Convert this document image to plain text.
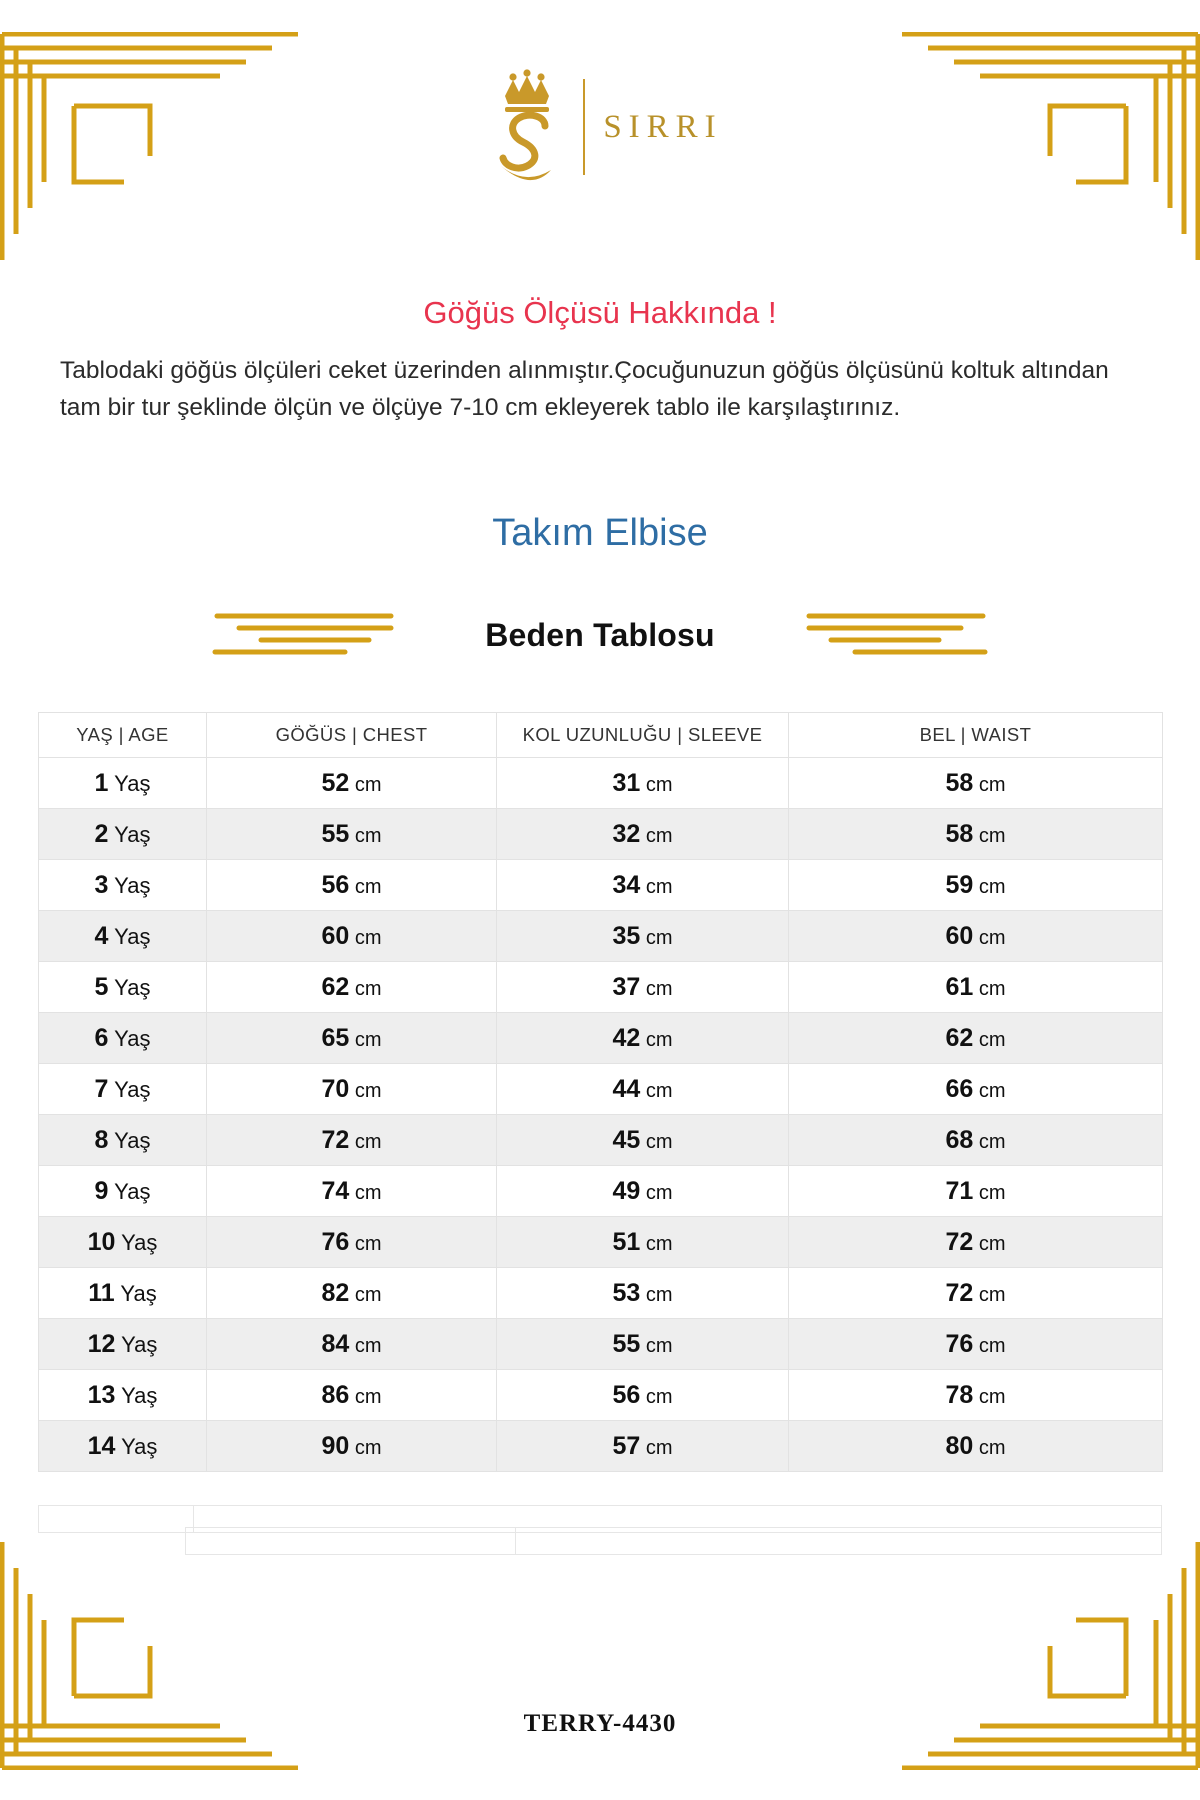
SIRRI
Göğüs Ölçüsü Hakkında !
Tablodaki göğüs ölçüleri ceket üzerinden alınmıştır.Çocuğunuzun göğüs ölçüsünü koltuk altından tam bir tur şeklinde ölçün ve ölçüye 7-10 cm ekleyerek tablo ile karşılaştırınız.
Takım Elbise
Beden Tablosu
YAŞ | AGE	GÖĞÜS | CHEST	KOL UZUNLUĞU | SLEEVE	BEL | WAIST
1 Yaş	52 cm	31 cm	58 cm
2 Yaş	55 cm	32 cm	58 cm
3 Yaş	56 cm	34 cm	59 cm
4 Yaş	60 cm	35 cm	60 cm
5 Yaş	62 cm	37 cm	61 cm
6 Yaş	65 cm	42 cm	62 cm
7 Yaş	70 cm	44 cm	66 cm
8 Yaş	72 cm	45 cm	68 cm
9 Yaş	74 cm	49 cm	71 cm
10 Yaş	76 cm	51 cm	72 cm
11 Yaş	82 cm	53 cm	72 cm
12 Yaş	84 cm	55 cm	76 cm
13 Yaş	86 cm	56 cm	78 cm
14 Yaş	90 cm	57 cm	80 cm
TERRY-4430
